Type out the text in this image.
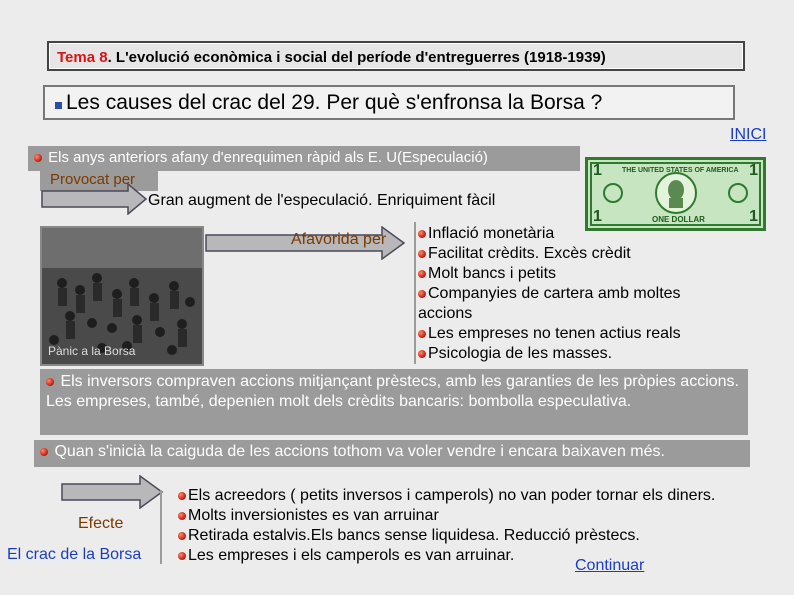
Tema 8. L'evolució econòmica i social del període d'entreguerres (1918-1939)
Les causes del crac del 29. Per què s'enfronsa la Borsa ?
INICI
Els anys anteriors afany d'enrequimen ràpid als E. U(Especulació)
Provocat per
Gran augment de l'especulació. Enriquiment fàcil
THE UNITED STATES OF AMERICA
ONE DOLLAR
1	1
1	1
Pànic a la Borsa
Afavorida per	Inflació monetària
Facilitat crèdits. Excès crèdit
Molt bancs i petits
Companyies de cartera amb moltes accions
Les empreses no tenen actius reals
Psicologia de les masses.
Els inversors compraven accions mitjançant prèstecs, amb les garanties de les pròpies accions. Les empreses, també, depenien molt dels crèdits bancaris: bombolla especulativa.
Quan s'inicià la caiguda de les accions tothom va voler vendre i encara baixaven més.
Efecte
El crac de la Borsa
Els acreedors ( petits inversos i camperols) no van poder tornar els diners.
Molts inversionistes es van arruinar
Retirada estalvis.Els bancs sense liquidesa. Reducció prèstecs.
Les empreses i els camperols es van arruinar.
Continuar
